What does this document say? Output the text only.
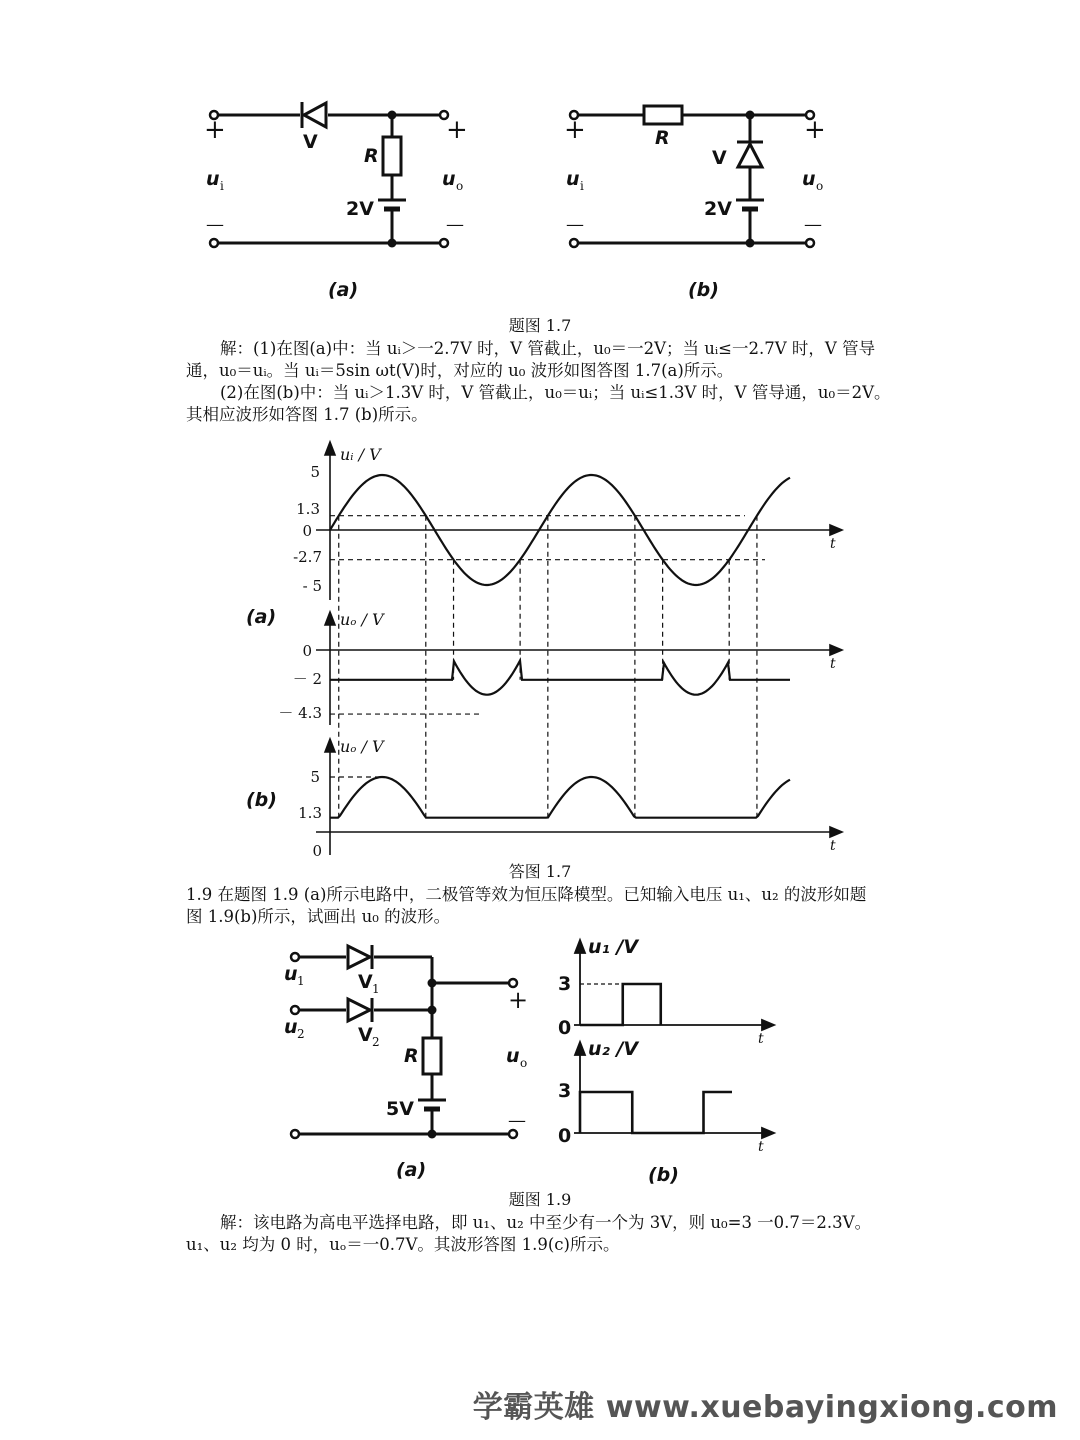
V
R
2V
+	+
—	—
u i	u o
(a)
R
V
2V
+	+
—	—
u i	u o
(b)
题图 1.7

解：(1)在图(a)中：当 uᵢ＞一2.7V 时，V 管截止，u₀＝一2V；当 uᵢ≤一2.7V 时，V 管导

通，u₀＝uᵢ。当 uᵢ＝5sin ωt(V)时，对应的 u₀ 波形如图答图 1.7(a)所示。

(2)在图(b)中：当 uᵢ＞1.3V 时，V 管截止，u₀＝uᵢ；当 uᵢ≤1.3V 时，V 管导通，u₀＝2V。

其相应波形如答图 1.7 (b)所示。

uᵢ / V
uₒ / V
uₒ / V
t
t
t
5
1.3
0
-2.7
- 5
0
－ 2
－ 4.3
5
1.3
0
(a)
(b)
答图 1.7

1.9 在题图 1.9 (a)所示电路中，二极管等效为恒压降模型。已知输入电压 u₁、u₂ 的波形如题

图 1.9(b)所示，试画出 u₀ 的波形。

u 1
u 2
V 1
V 2
R
5V
+
—
u o
(a)
u₁ /V
u₂ /V
3
0
3
0
t
t
(b)
题图 1.9

解：该电路为高电平选择电路，即 u₁、u₂ 中至少有一个为 3V，则 u₀=3 一0.7＝2.3V。

u₁、u₂ 均为 0 时，uₒ＝一0.7V。其波形答图 1.9(c)所示。

学霸英雄 www.xuebayingxiong.com
